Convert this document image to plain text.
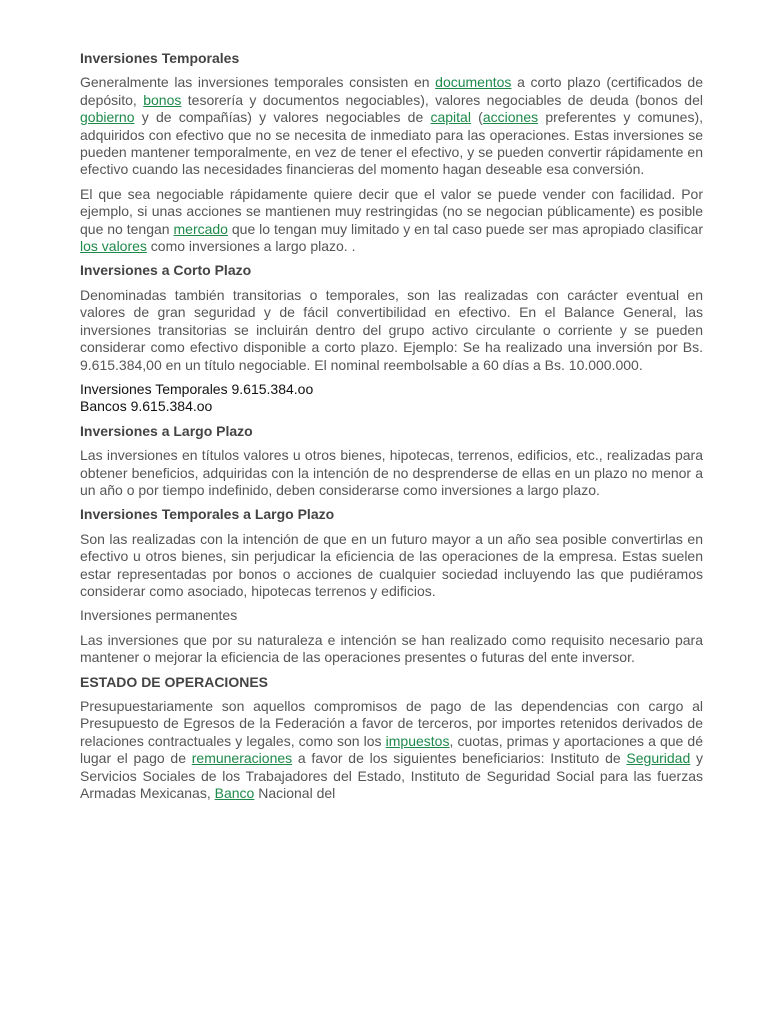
Inversiones Temporales
Generalmente las inversiones temporales consisten en documentos a corto plazo (certificados de depósito, bonos tesorería y documentos negociables), valores negociables de deuda (bonos del gobierno y de compañías) y valores negociables de capital (acciones preferentes y comunes), adquiridos con efectivo que no se necesita de inmediato para las operaciones. Estas inversiones se pueden mantener temporalmente, en vez de tener el efectivo, y se pueden convertir rápidamente en efectivo cuando las necesidades financieras del momento hagan deseable esa conversión.
El que sea negociable rápidamente quiere decir que el valor se puede vender con facilidad. Por ejemplo, si unas acciones se mantienen muy restringidas (no se negocian públicamente) es posible que no tengan mercado que lo tengan muy limitado y en tal caso puede ser mas apropiado clasificar los valores como inversiones a largo plazo. .
Inversiones a Corto Plazo
Denominadas también transitorias o temporales, son las realizadas con carácter eventual en valores de gran seguridad y de fácil convertibilidad en efectivo. En el Balance General, las inversiones transitorias se incluirán dentro del grupo activo circulante o corriente y se pueden considerar como efectivo disponible a corto plazo. Ejemplo: Se ha realizado una inversión por Bs. 9.615.384,00 en un título negociable. El nominal reembolsable a 60 días a Bs. 10.000.000.
Inversiones Temporales 9.615.384.oo
Bancos 9.615.384.oo
Inversiones a Largo Plazo
Las inversiones en títulos valores u otros bienes, hipotecas, terrenos, edificios, etc., realizadas para obtener beneficios, adquiridas con la intención de no desprenderse de ellas en un plazo no menor a un año o por tiempo indefinido, deben considerarse como inversiones a largo plazo.
Inversiones Temporales a Largo Plazo
Son las realizadas con la intención de que en un futuro mayor a un año sea posible convertirlas en efectivo u otros bienes, sin perjudicar la eficiencia de las operaciones de la empresa. Estas suelen estar representadas por bonos o acciones de cualquier sociedad incluyendo las que pudiéramos considerar como asociado, hipotecas terrenos y edificios.
Inversiones permanentes
Las inversiones que por su naturaleza e intención se han realizado como requisito necesario para mantener o mejorar la eficiencia de las operaciones presentes o futuras del ente inversor.
ESTADO DE OPERACIONES
Presupuestariamente son aquellos compromisos de pago de las dependencias con cargo al Presupuesto de Egresos de la Federación a favor de terceros, por importes retenidos derivados de relaciones contractuales y legales, como son los impuestos, cuotas, primas y aportaciones a que dé lugar el pago de remuneraciones a favor de los siguientes beneficiarios: Instituto de Seguridad y Servicios Sociales de los Trabajadores del Estado, Instituto de Seguridad Social para las fuerzas Armadas Mexicanas, Banco Nacional del
